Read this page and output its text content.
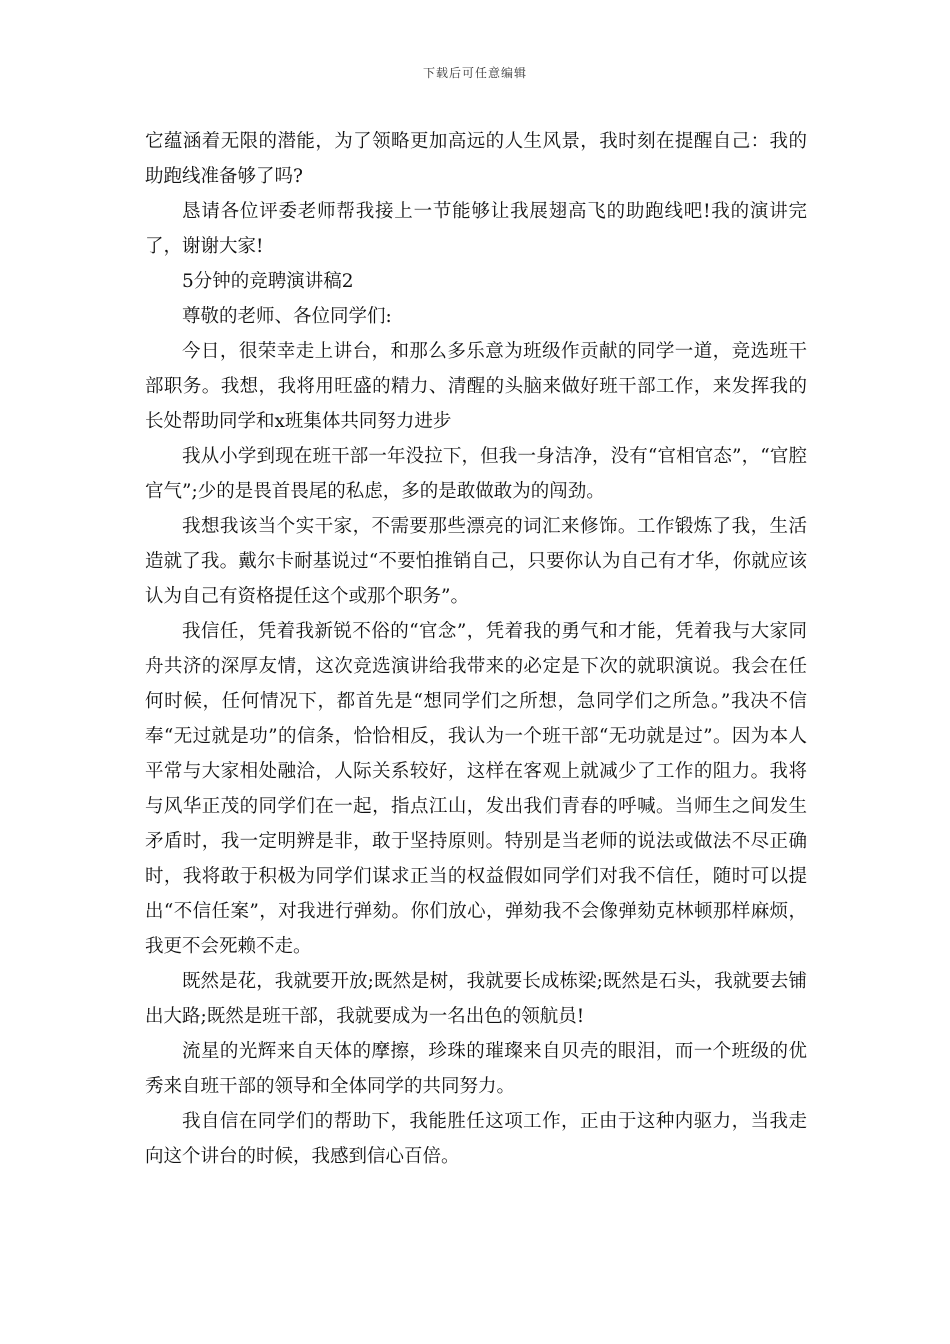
下载后可任意编辑

它蕴涵着无限的潜能，为了领略更加高远的人生风景，我时刻在提醒自己：我的助跑线准备够了吗?

恳请各位评委老师帮我接上一节能够让我展翅高飞的助跑线吧!我的演讲完了，谢谢大家!

5分钟的竞聘演讲稿2

尊敬的老师、各位同学们:

今日，很荣幸走上讲台，和那么多乐意为班级作贡献的同学一道，竞选班干部职务。我想，我将用旺盛的精力、清醒的头脑来做好班干部工作，来发挥我的长处帮助同学和x班集体共同努力进步

我从小学到现在班干部一年没拉下，但我一身洁净，没有“官相官态”，“官腔官气”;少的是畏首畏尾的私虑，多的是敢做敢为的闯劲。

我想我该当个实干家，不需要那些漂亮的词汇来修饰。工作锻炼了我，生活造就了我。戴尔卡耐基说过“不要怕推销自己，只要你认为自己有才华，你就应该认为自己有资格提任这个或那个职务”。

我信任，凭着我新锐不俗的“官念”，凭着我的勇气和才能，凭着我与大家同舟共济的深厚友情，这次竞选演讲给我带来的必定是下次的就职演说。我会在任何时候，任何情况下，都首先是“想同学们之所想，急同学们之所急。”我决不信奉“无过就是功”的信条，恰恰相反，我认为一个班干部“无功就是过”。因为本人平常与大家相处融洽，人际关系较好，这样在客观上就减少了工作的阻力。我将与风华正茂的同学们在一起，指点江山，发出我们青春的呼喊。当师生之间发生矛盾时，我一定明辨是非，敢于坚持原则。特别是当老师的说法或做法不尽正确时，我将敢于积极为同学们谋求正当的权益假如同学们对我不信任，随时可以提出“不信任案”，对我进行弹劾。你们放心，弹劾我不会像弹劾克林顿那样麻烦，我更不会死赖不走。

既然是花，我就要开放;既然是树，我就要长成栋梁;既然是石头，我就要去铺出大路;既然是班干部，我就要成为一名出色的领航员!

流星的光辉来自天体的摩擦，珍珠的璀璨来自贝壳的眼泪，而一个班级的优秀来自班干部的领导和全体同学的共同努力。

我自信在同学们的帮助下，我能胜任这项工作，正由于这种内驱力，当我走向这个讲台的时候，我感到信心百倍。
